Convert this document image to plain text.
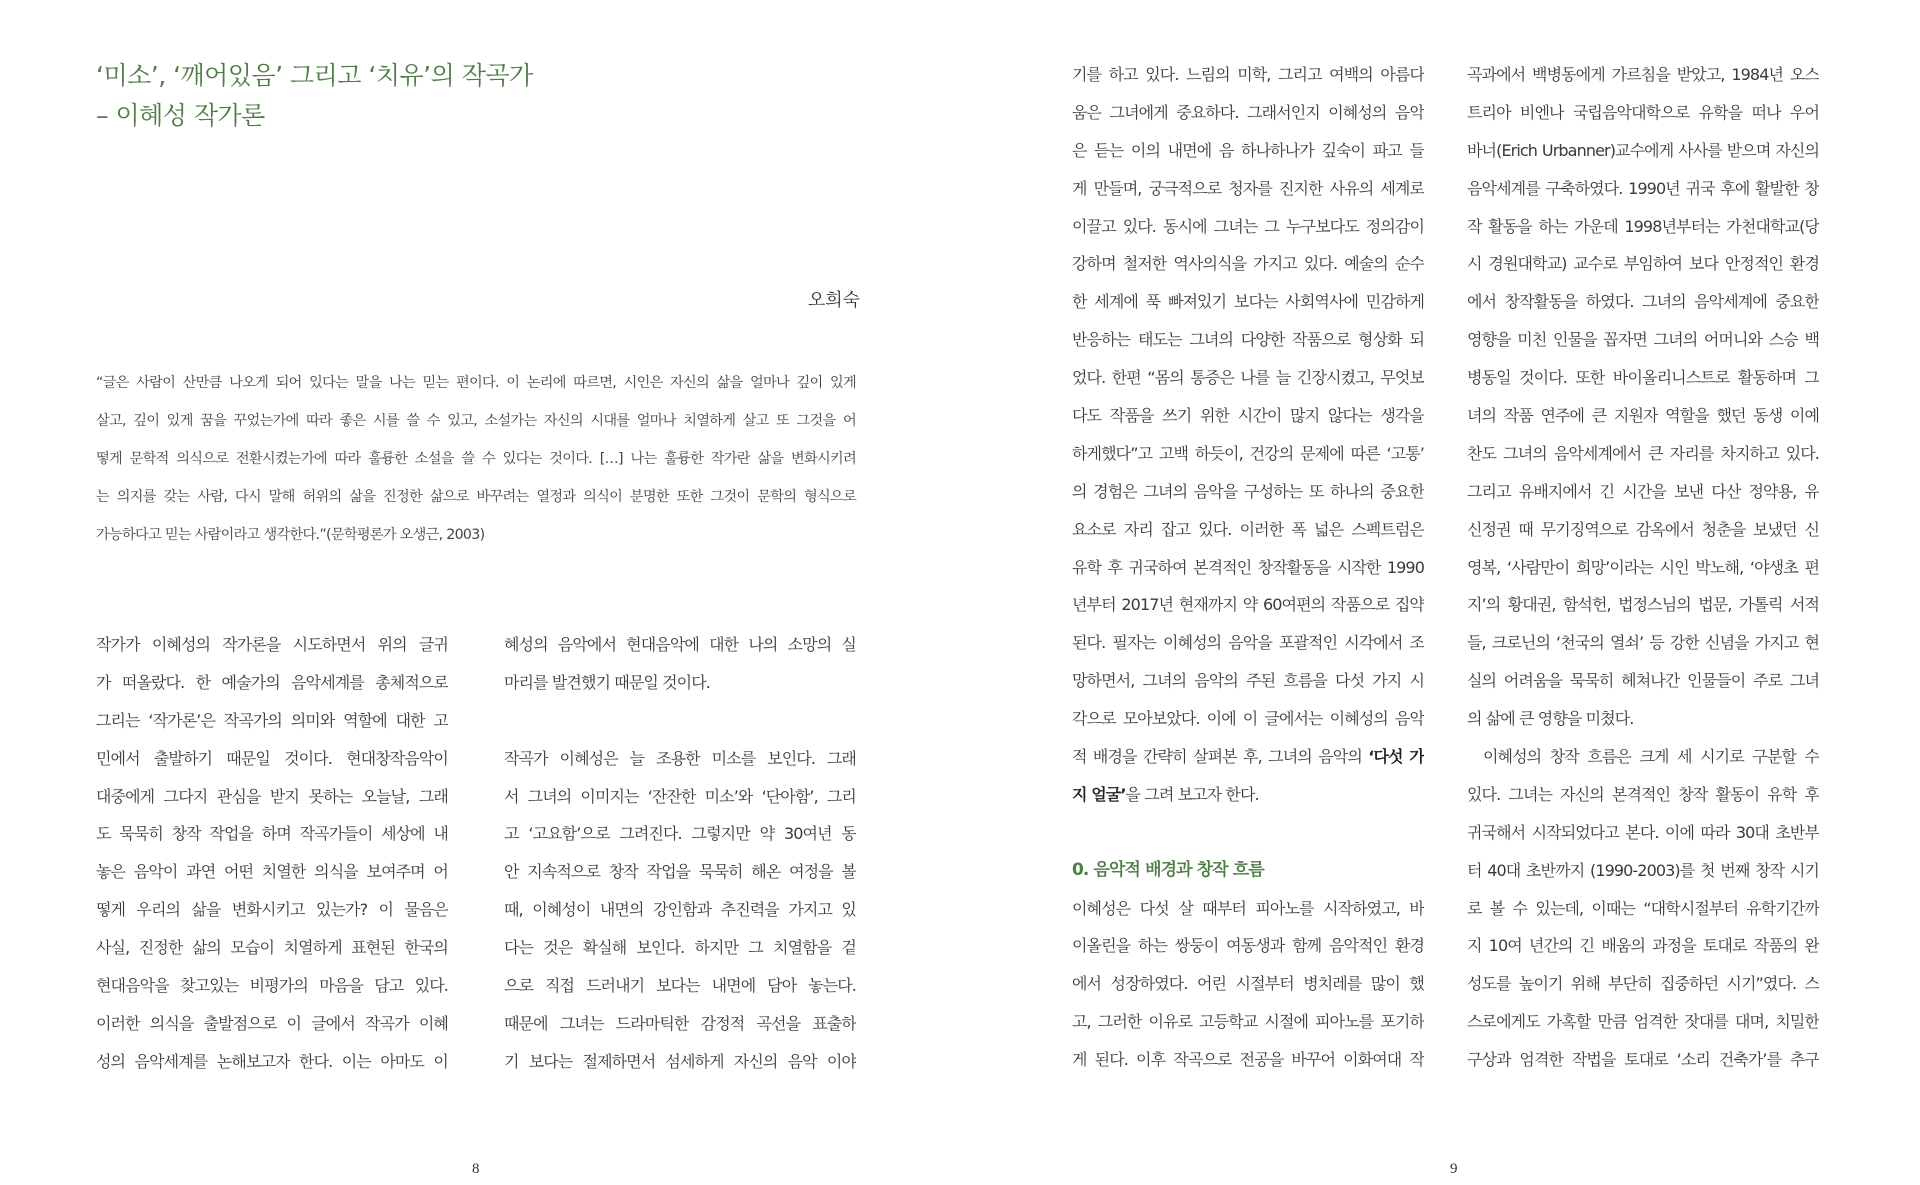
‘미소’, ‘깨어있음’ 그리고 ‘치유’의 작곡가
– 이혜성 작가론
오희숙
“글은 사람이 산만큼 나오게 되어 있다는 말을 나는 믿는 편이다. 이 논리에 따르면, 시인은 자신의 삶을 얼마나 깊이 있게
살고, 깊이 있게 꿈을 꾸었는가에 따라 좋은 시를 쓸 수 있고, 소설가는 자신의 시대를 얼마나 치열하게 살고 또 그것을 어
떻게 문학적 의식으로 전환시켰는가에 따라 훌륭한 소설을 쓸 수 있다는 것이다. […] 나는 훌륭한 작가란 삶을 변화시키려
는 의지를 갖는 사람, 다시 말해 허위의 삶을 진정한 삶으로 바꾸려는 열정과 의식이 분명한 또한 그것이 문학의 형식으로
가능하다고 믿는 사람이라고 생각한다.”(문학평론가 오생근, 2003)
작가가 이혜성의 작가론을 시도하면서 위의 글귀
가 떠올랐다. 한 예술가의 음악세계를 총체적으로
그리는 ‘작가론’은 작곡가의 의미와 역할에 대한 고
민에서 출발하기 때문일 것이다. 현대창작음악이
대중에게 그다지 관심을 받지 못하는 오늘날, 그래
도 묵묵히 창작 작업을 하며 작곡가들이 세상에 내
놓은 음악이 과연 어떤 치열한 의식을 보여주며 어
떻게 우리의 삶을 변화시키고 있는가? 이 물음은
사실, 진정한 삶의 모습이 치열하게 표현된 한국의
현대음악을 찾고있는 비평가의 마음을 담고 있다.
이러한 의식을 출발점으로 이 글에서 작곡가 이혜
성의 음악세계를 논해보고자 한다. 이는 아마도 이
혜성의 음악에서 현대음악에 대한 나의 소망의 실
마리를 발견했기 때문일 것이다.
작곡가 이혜성은 늘 조용한 미소를 보인다. 그래
서 그녀의 이미지는 ‘잔잔한 미소’와 ‘단아함’, 그리
고 ‘고요함’으로 그려진다. 그렇지만 약 30여년 동
안 지속적으로 창작 작업을 묵묵히 해온 여정을 볼
때, 이혜성이 내면의 강인함과 추진력을 가지고 있
다는 것은 확실해 보인다. 하지만 그 치열함을 겉
으로 직접 드러내기 보다는 내면에 담아 놓는다.
때문에 그녀는 드라마틱한 감정적 곡선을 표출하
기 보다는 절제하면서 섬세하게 자신의 음악 이야
기를 하고 있다. 느림의 미학, 그리고 여백의 아름다
움은 그녀에게 중요하다. 그래서인지 이혜성의 음악
은 듣는 이의 내면에 음 하나하나가 깊숙이 파고 들
게 만들며, 궁극적으로 청자를 진지한 사유의 세계로
이끌고 있다. 동시에 그녀는 그 누구보다도 정의감이
강하며 철저한 역사의식을 가지고 있다. 예술의 순수
한 세계에 푹 빠져있기 보다는 사회역사에 민감하게
반응하는 태도는 그녀의 다양한 작품으로 형상화 되
었다. 한편 “몸의 통증은 나를 늘 긴장시켰고, 무엇보
다도 작품을 쓰기 위한 시간이 많지 않다는 생각을
하게했다”고 고백 하듯이, 건강의 문제에 따른 ‘고통’
의 경험은 그녀의 음악을 구성하는 또 하나의 중요한
요소로 자리 잡고 있다. 이러한 폭 넓은 스펙트럼은
유학 후 귀국하여 본격적인 창작활동을 시작한 1990
년부터 2017년 현재까지 약 60여편의 작품으로 집약
된다. 필자는 이혜성의 음악을 포괄적인 시각에서 조
망하면서, 그녀의 음악의 주된 흐름을 다섯 가지 시
각으로 모아보았다. 이에 이 글에서는 이혜성의 음악
적 배경을 간략히 살펴본 후, 그녀의 음악의 ‘다섯 가
지 얼굴’을 그려 보고자 한다.
0. 음악적 배경과 창작 흐름
이혜성은 다섯 살 때부터 피아노를 시작하였고, 바
이올린을 하는 쌍둥이 여동생과 함께 음악적인 환경
에서 성장하였다. 어린 시절부터 병치레를 많이 했
고, 그러한 이유로 고등학교 시절에 피아노를 포기하
게 된다. 이후 작곡으로 전공을 바꾸어 이화여대 작
곡과에서 백병동에게 가르침을 받았고, 1984년 오스
트리아 비엔나 국립음악대학으로 유학을 떠나 우어
바너(Erich Urbanner)교수에게 사사를 받으며 자신의
음악세계를 구축하였다. 1990년 귀국 후에 활발한 창
작 활동을 하는 가운데 1998년부터는 가천대학교(당
시 경원대학교) 교수로 부임하여 보다 안정적인 환경
에서 창작활동을 하였다. 그녀의 음악세계에 중요한
영향을 미친 인물을 꼽자면 그녀의 어머니와 스승 백
병동일 것이다. 또한 바이올리니스트로 활동하며 그
녀의 작품 연주에 큰 지원자 역할을 했던 동생 이예
찬도 그녀의 음악세계에서 큰 자리를 차지하고 있다.
그리고 유배지에서 긴 시간을 보낸 다산 정약용, 유
신정권 때 무기징역으로 감옥에서 청춘을 보냈던 신
영복, ‘사람만이 희망’이라는 시인 박노해, ‘야생초 편
지’의 황대권, 함석헌, 법정스님의 법문, 가톨릭 서적
들, 크로닌의 ‘천국의 열쇠’ 등 강한 신념을 가지고 현
실의 어려움을 묵묵히 헤쳐나간 인물들이 주로 그녀
의 삶에 큰 영향을 미쳤다.
이혜성의 창작 흐름은 크게 세 시기로 구분할 수
있다. 그녀는 자신의 본격적인 창작 활동이 유학 후
귀국해서 시작되었다고 본다. 이에 따라 30대 초반부
터 40대 초반까지 (1990-2003)를 첫 번째 창작 시기
로 볼 수 있는데, 이때는 “대학시절부터 유학기간까
지 10여 년간의 긴 배움의 과정을 토대로 작품의 완
성도를 높이기 위해 부단히 집중하던 시기”였다. 스
스로에게도 가혹할 만큼 엄격한 잣대를 대며, 치밀한
구상과 엄격한 작법을 토대로 ‘소리 건축가’를 추구
8	9
